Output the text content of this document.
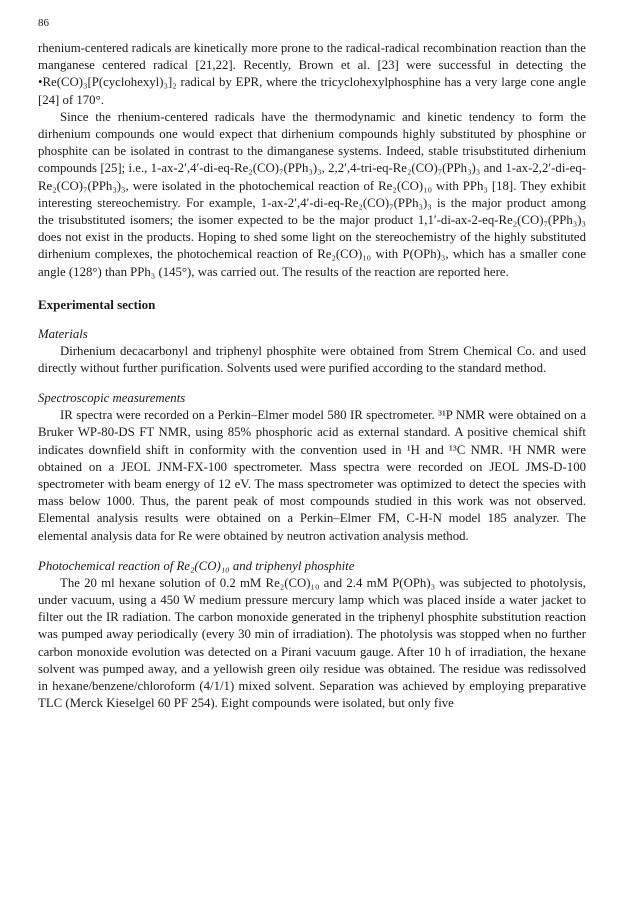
86

rhenium-centered radicals are kinetically more prone to the radical-radical recombination reaction than the manganese centered radical [21,22]. Recently, Brown et al. [23] were successful in detecting the •Re(CO)₃[P(cyclohexyl)₃]₂ radical by EPR, where the tricyclohexylphosphine has a very large cone angle [24] of 170°.

Since the rhenium-centered radicals have the thermodynamic and kinetic tendency to form the dirhenium compounds one would expect that dirhenium compounds highly substituted by phosphine or phosphite can be isolated in contrast to the dimanganese systems. Indeed, stable trisubstituted dirhenium compounds [25]; i.e., 1-ax-2′,4′-di-eq-Re₂(CO)₇(PPh₃)₃, 2,2′,4-tri-eq-Re₂(CO)₇(PPh₃)₃ and 1-ax-2,2′-di-eq-Re₂(CO)₇(PPh₃)₃, were isolated in the photochemical reaction of Re₂(CO)₁₀ with PPh₃ [18]. They exhibit interesting stereochemistry. For example, 1-ax-2′,4′-di-eq-Re₂(CO)₇(PPh₃)₃ is the major product among the trisubstituted isomers; the isomer expected to be the major product 1,1′-di-ax-2-eq-Re₂(CO)₇(PPh₃)₃ does not exist in the products. Hoping to shed some light on the stereochemistry of the highly substituted dirhenium complexes, the photochemical reaction of Re₂(CO)₁₀ with P(OPh)₃, which has a smaller cone angle (128°) than PPh₃ (145°), was carried out. The results of the reaction are reported here.

Experimental section
Materials

Dirhenium decacarbonyl and triphenyl phosphite were obtained from Strem Chemical Co. and used directly without further purification. Solvents used were purified according to the standard method.

Spectroscopic measurements

IR spectra were recorded on a Perkin–Elmer model 580 IR spectrometer. ³¹P NMR were obtained on a Bruker WP-80-DS FT NMR, using 85% phosphoric acid as external standard. A positive chemical shift indicates downfield shift in conformity with the convention used in ¹H and ¹³C NMR. ¹H NMR were obtained on a JEOL JNM-FX-100 spectrometer. Mass spectra were recorded on JEOL JMS-D-100 spectrometer with beam energy of 12 eV. The mass spectrometer was optimized to detect the species with mass below 1000. Thus, the parent peak of most compounds studied in this work was not observed. Elemental analysis results were obtained on a Perkin–Elmer FM, C-H-N model 185 analyzer. The elemental analysis data for Re were obtained by neutron activation analysis method.

Photochemical reaction of Re₂(CO)₁₀ and triphenyl phosphite

The 20 ml hexane solution of 0.2 mM Re₂(CO)₁₀ and 2.4 mM P(OPh)₃ was subjected to photolysis, under vacuum, using a 450 W medium pressure mercury lamp which was placed inside a water jacket to filter out the IR radiation. The carbon monoxide generated in the triphenyl phosphite substitution reaction was pumped away periodically (every 30 min of irradiation). The photolysis was stopped when no further carbon monoxide evolution was detected on a Pirani vacuum gauge. After 10 h of irradiation, the hexane solvent was pumped away, and a yellowish green oily residue was obtained. The residue was redissolved in hexane/benzene/chloroform (4/1/1) mixed solvent. Separation was achieved by employing preparative TLC (Merck Kieselgel 60 PF 254). Eight compounds were isolated, but only five
